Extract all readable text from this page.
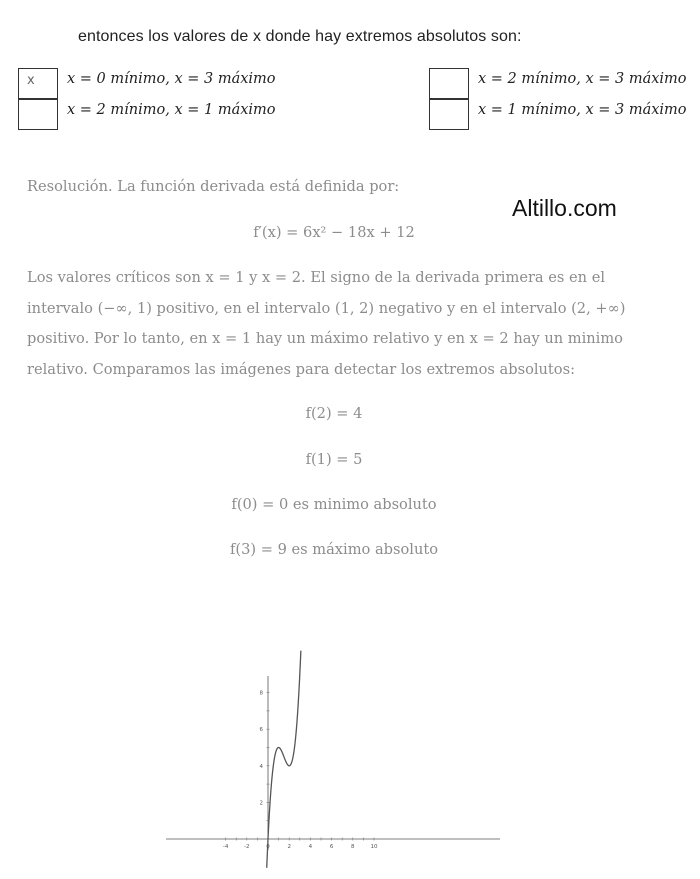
entonces los valores de x donde hay extremos absolutos son:
x	x = 0 mínimo, x = 3 máximo
x = 2 mínimo, x = 1 máximo
x = 2 mínimo, x = 3 máximo
x = 1 mínimo, x = 3 máximo
Altillo.com
Resolución. La función derivada está definida por:
f′(x) = 6x² − 18x + 12
Los valores críticos son x = 1 y x = 2. El signo de la derivada primera es en el
intervalo (−∞, 1) positivo, en el intervalo (1, 2) negativo y en el intervalo (2, +∞)
positivo. Por lo tanto, en x = 1 hay un máximo relativo y en x = 2 hay un minimo
relativo. Comparamos las imágenes para detectar los extremos absolutos:
f(2) = 4
f(1) = 5
f(0) = 0 es minimo absoluto
f(3) = 9 es máximo absoluto
-4	-2	0	2	4	6	8	10
2
4
6
8
